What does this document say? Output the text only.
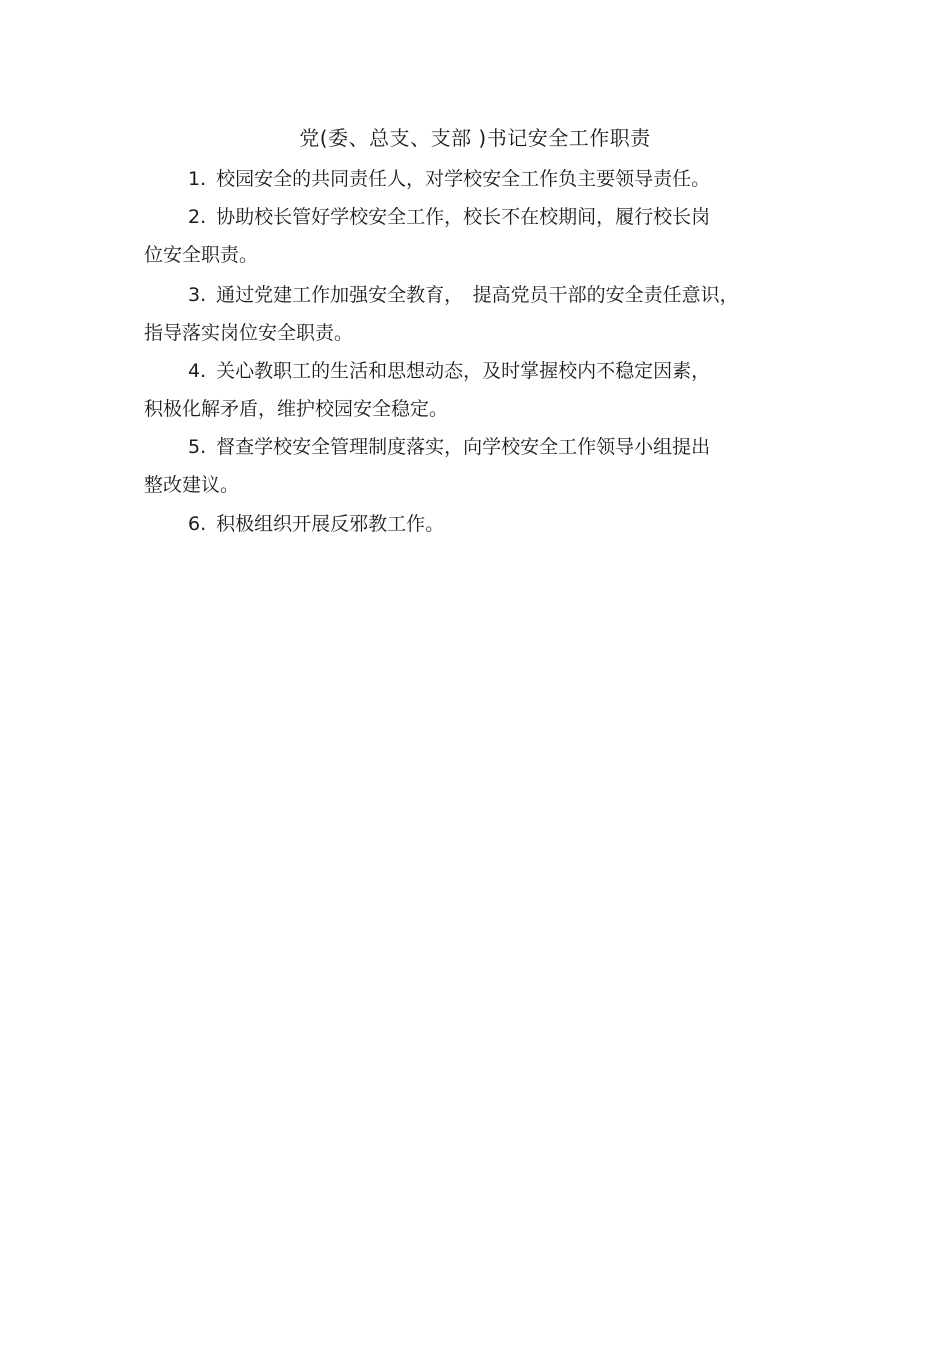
党(委、总支、支部 )书记安全工作职责
1. 校园安全的共同责任人，对学校安全工作负主要领导责任。
2. 协助校长管好学校安全工作，校长不在校期间，履行校长岗
位安全职责。
3. 通过党建工作加强安全教育，　提高党员干部的安全责任意识，
指导落实岗位安全职责。
4. 关心教职工的生活和思想动态，及时掌握校内不稳定因素，
积极化解矛盾，维护校园安全稳定。
5. 督查学校安全管理制度落实，向学校安全工作领导小组提出
整改建议。
6. 积极组织开展反邪教工作。
